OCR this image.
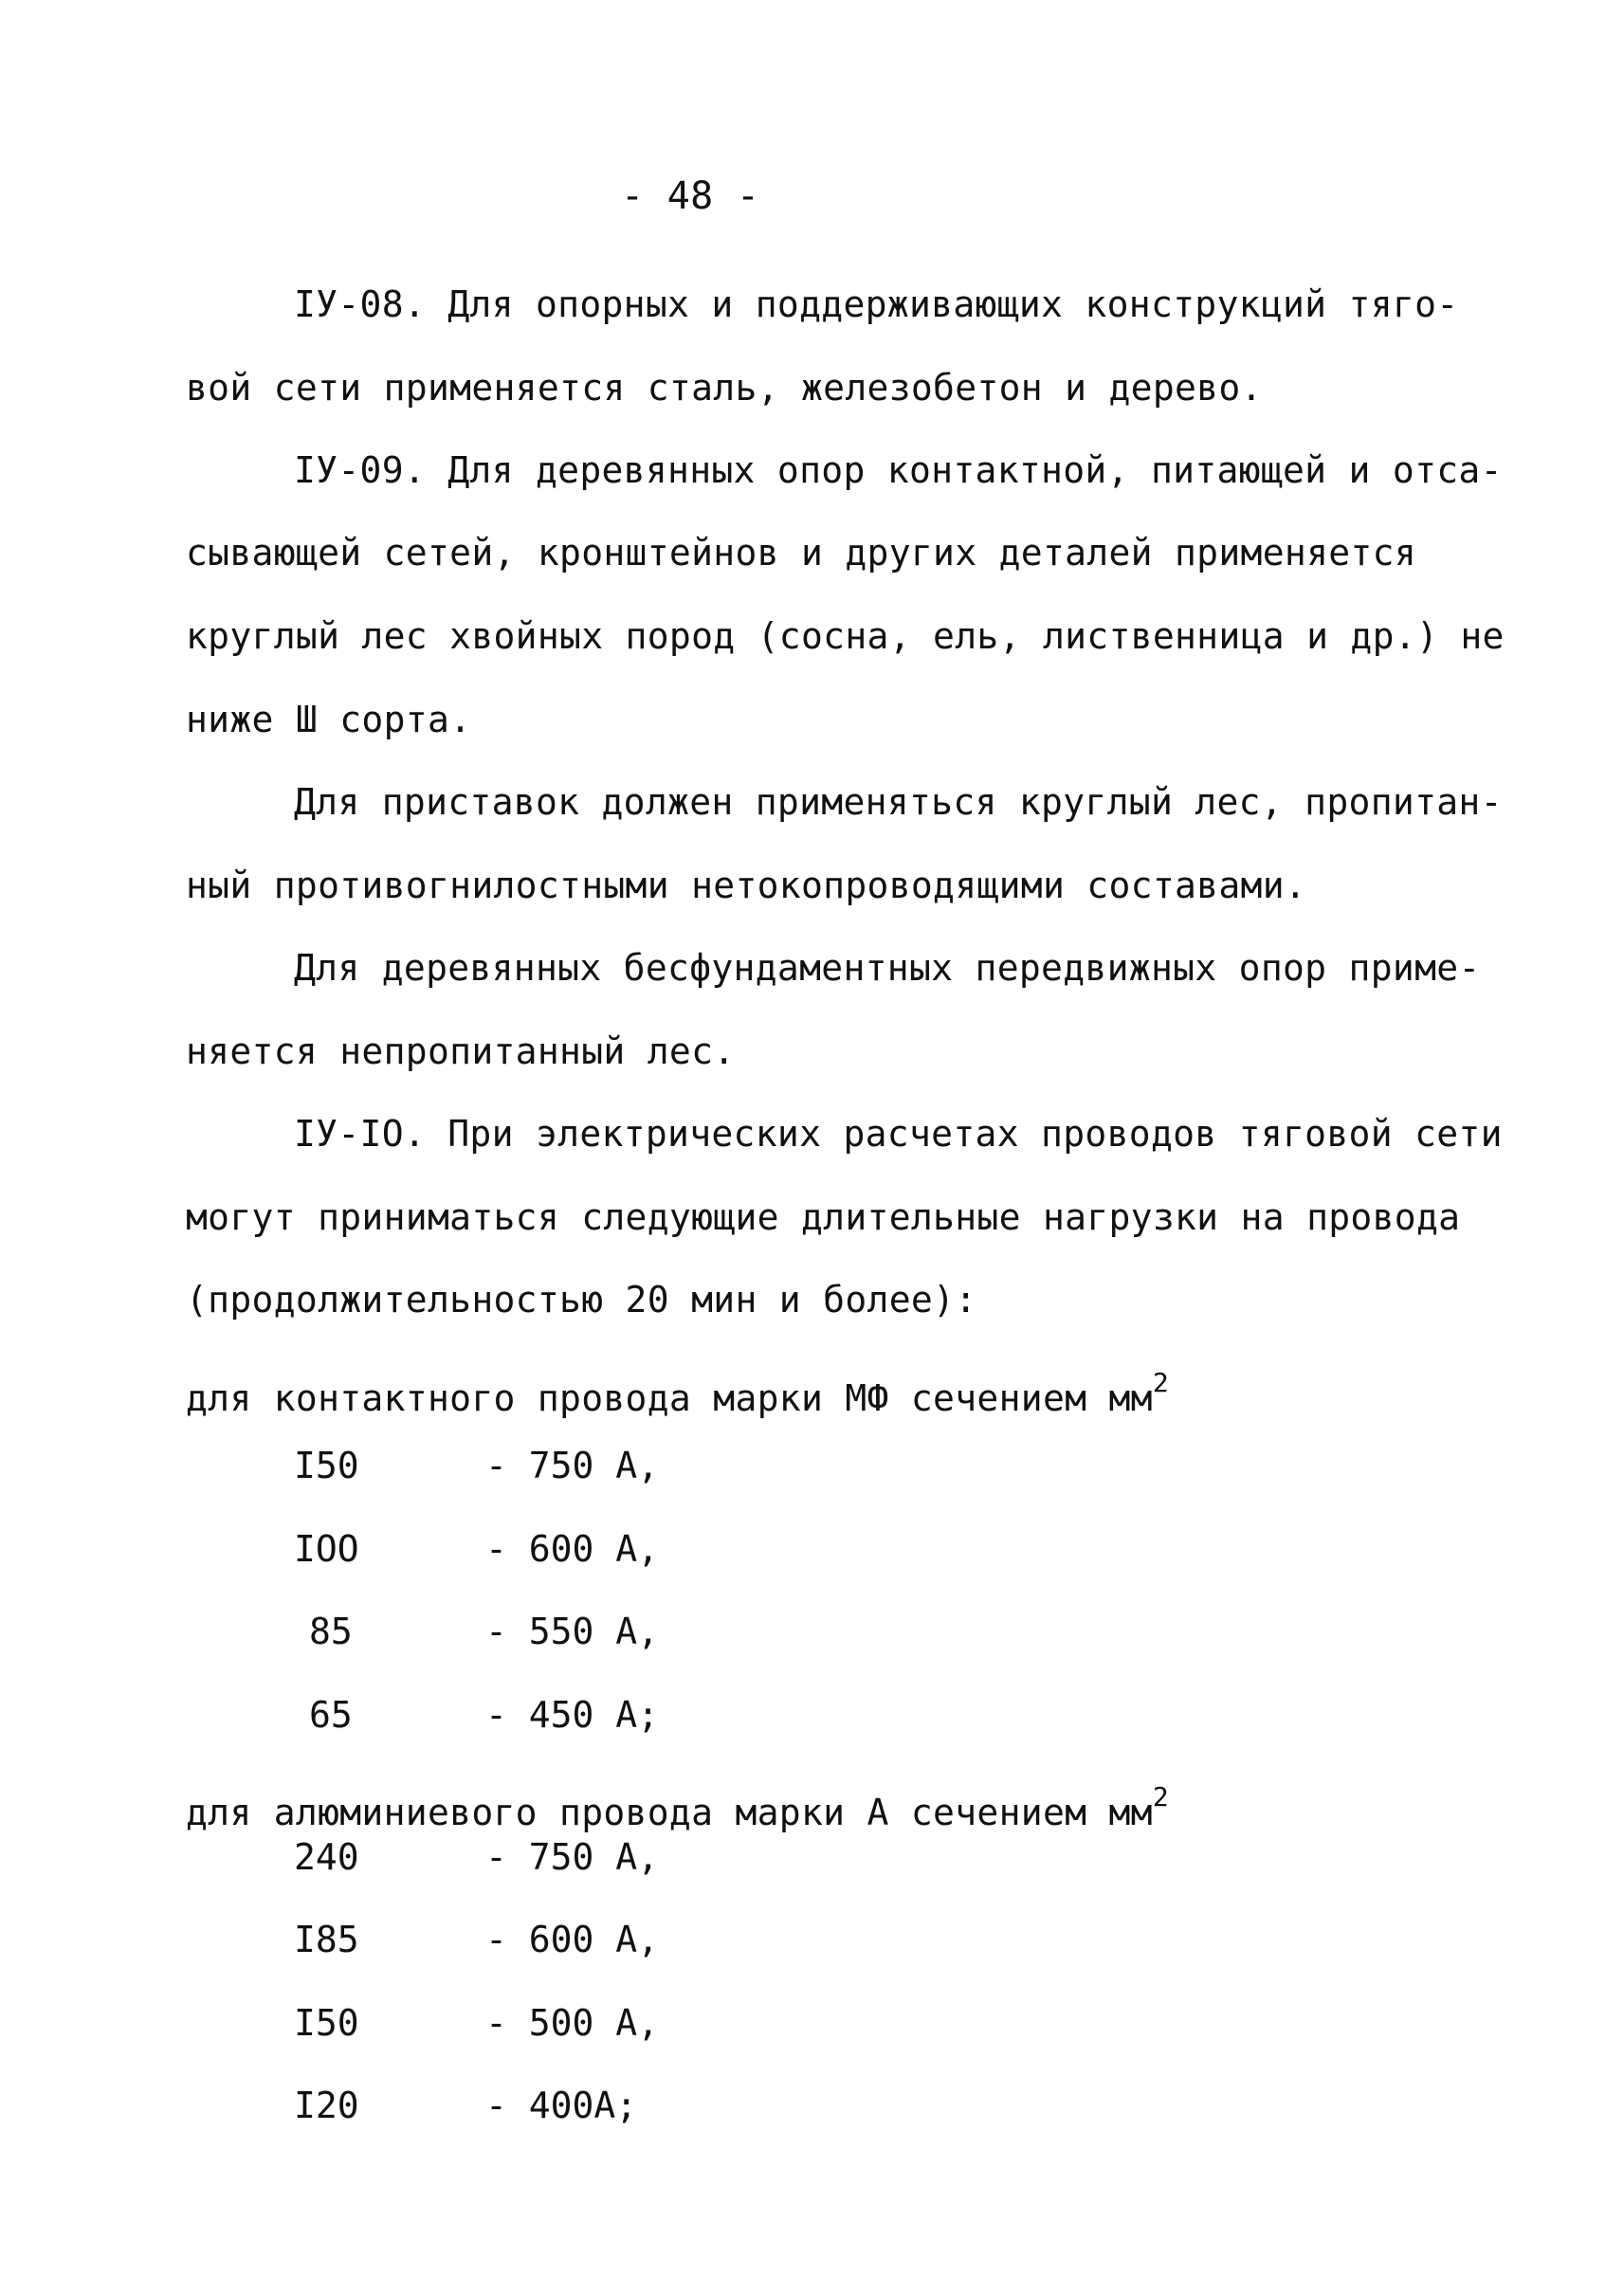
- 48 -
IУ-08. Для опорных и поддерживающих конструкций тяго-
вой сети применяется сталь, железобетон и дерево.
IУ-09. Для деревянных опор контактной, питающей и отса-
сывающей сетей, кронштейнов и других деталей применяется
круглый лес хвойных пород (сосна, ель, лиственница и др.) не
ниже Ш сорта.
Для приставок должен применяться круглый лес, пропитан-
ный противогнилостными нетокопроводящими составами.
Для деревянных бесфундаментных передвижных опор приме-
няется непропитанный лес.
IУ-IO. При электрических расчетах проводов тяговой сети
могут приниматься следующие длительные нагрузки на провода
(продолжительностью 20 мин и более):
для контактного провода марки МФ сечением $мм^2$
I50	- 750 А,
IOO	- 600 А,
85	- 550 А,
65	- 450 А;
для алюминиевого провода марки А сечением $мм^2$
240	- 750 А,
I85	- 600 А,
I50	- 500 А,
I20	- 400А;
